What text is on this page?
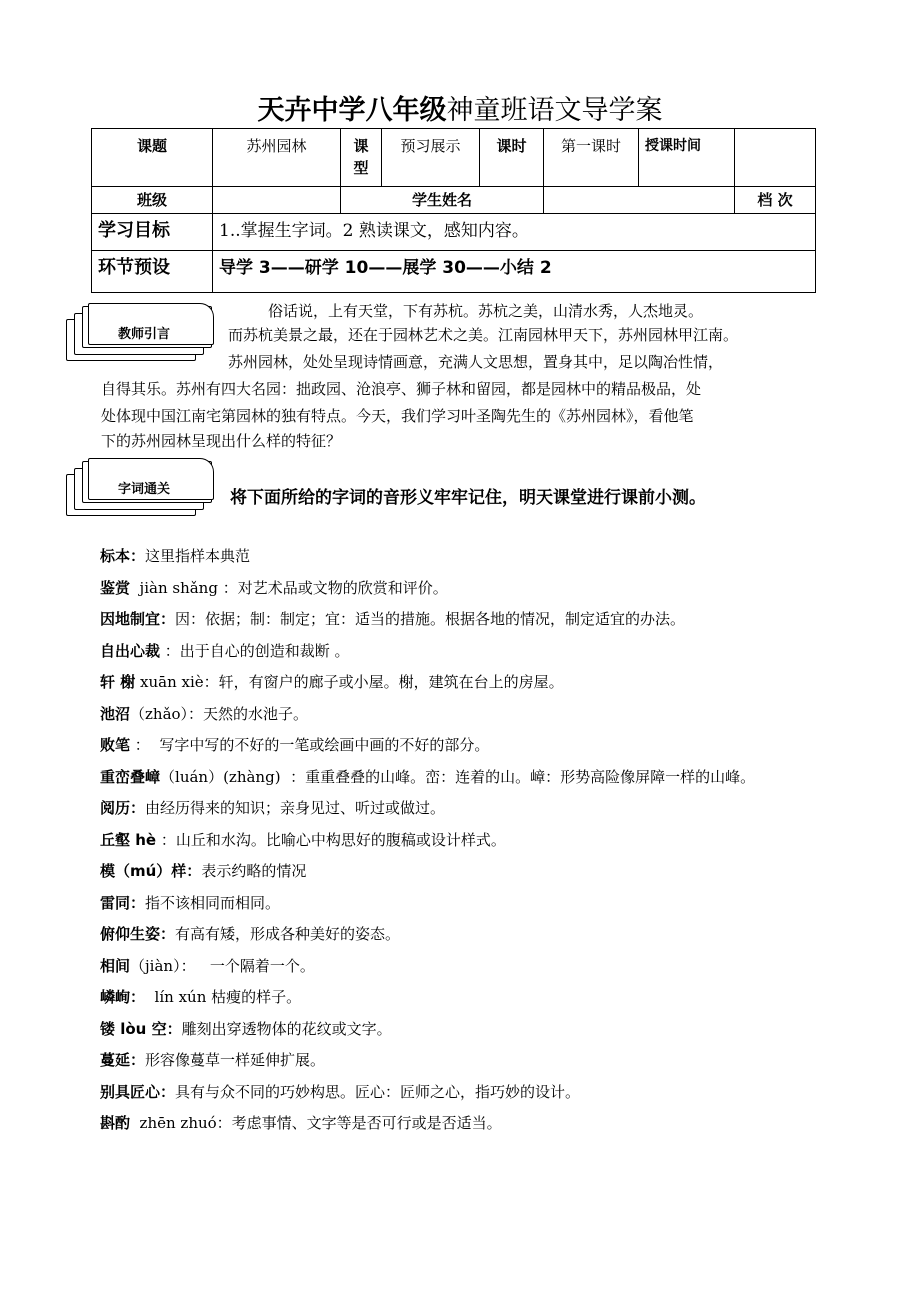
天卉中学八年级神童班语文导学案
课题	苏州园林	课型	预习展示	课时	第一课时	授课时间	
班级		学生姓名					档 次
学习目标	1..掌握生字词。2 熟读课文，感知内容。						
环节预设	导学 3——研学 10——展学 30——小结 2						
教师引言
俗话说，上有天堂，下有苏杭。苏杭之美，山清水秀，人杰地灵。
而苏杭美景之最，还在于园林艺术之美。江南园林甲天下，苏州园林甲江南。
苏州园林，处处呈现诗情画意，充满人文思想，置身其中，足以陶冶性情，
自得其乐。苏州有四大名园：拙政园、沧浪亭、狮子林和留园，都是园林中的精品极品，处
处体现中国江南宅第园林的独有特点。今天，我们学习叶圣陶先生的《苏州园林》，看他笔
下的苏州园林呈现出什么样的特征？
字词通关	将下面所给的字词的音形义牢牢记住，明天课堂进行课前小测。
标本：这里指样本典范
鉴赏  jiàn shǎng ：对艺术品或文物的欣赏和评价。
因地制宜：因：依据；制：制定；宜：适当的措施。根据各地的情况，制定适宜的办法。
自出心裁 ：出于自心的创造和裁断 。
轩 榭 xuān xiè：轩，有窗户的廊子或小屋。榭，建筑在台上的房屋。
池沼（zhǎo）：天然的水池子。
败笔 ：  写字中写的不好的一笔或绘画中画的不好的部分。
重峦叠嶂（luán）(zhàng)  ：重重叠叠的山峰。峦：连着的山。嶂：形势高险像屏障一样的山峰。
阅历：由经历得来的知识；亲身见过、听过或做过。
丘壑 hè ：山丘和水沟。比喻心中构思好的腹稿或设计样式。
模（mú）样：表示约略的情况
雷同：指不该相同而相同。
俯仰生姿：有高有矮，形成各种美好的姿态。
相间（jiàn）：   一个隔着一个。
嶙峋：  lín xún 枯瘦的样子。
镂 lòu 空：雕刻出穿透物体的花纹或文字。
蔓延：形容像蔓草一样延伸扩展。
别具匠心：具有与众不同的巧妙构思。匠心：匠师之心，指巧妙的设计。
斟酌  zhēn zhuó：考虑事情、文字等是否可行或是否适当。
